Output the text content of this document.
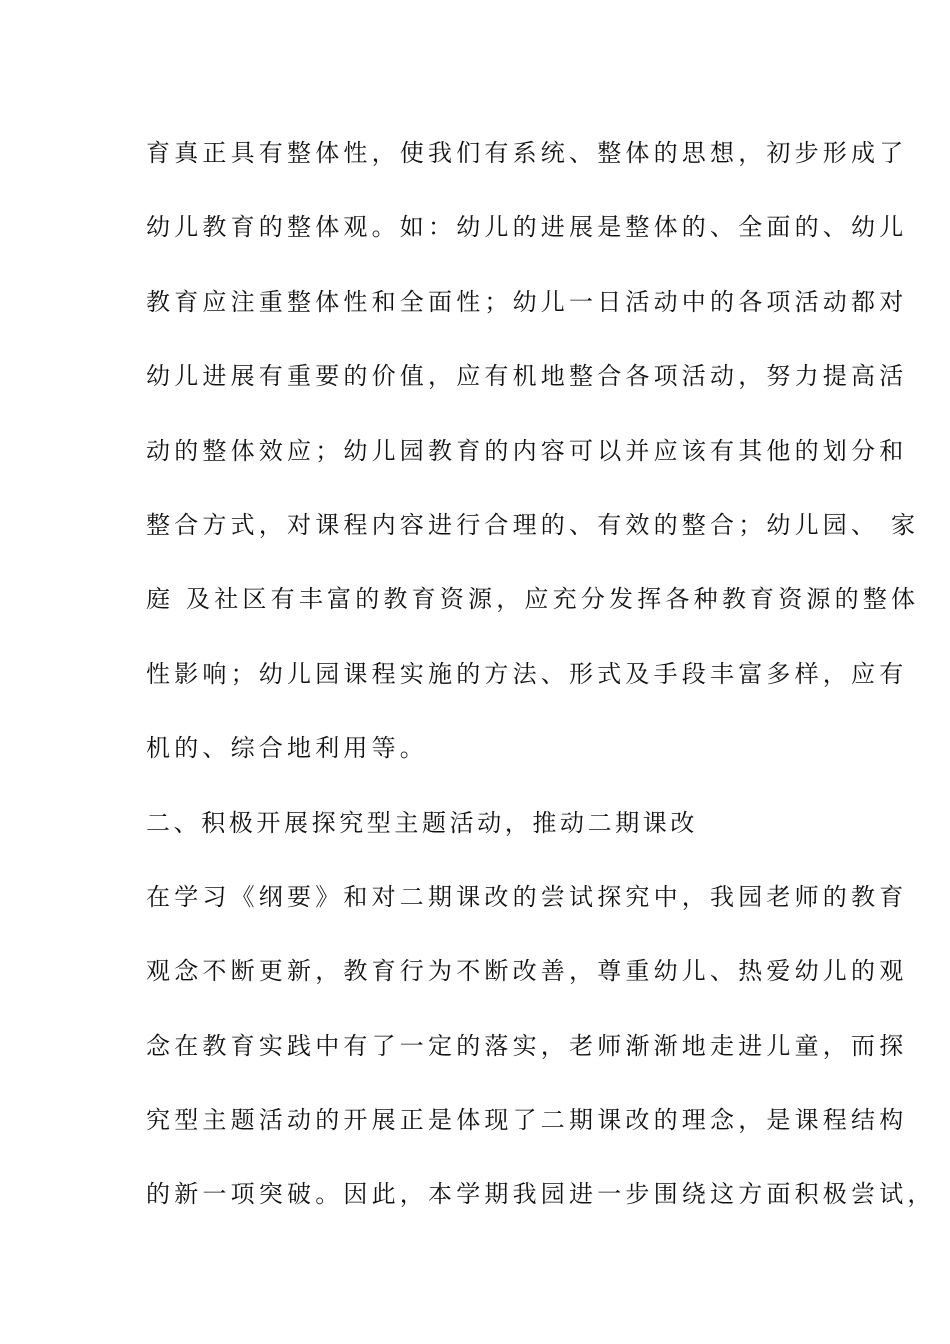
育真正具有整体性，使我们有系统、整体的思想，初步形成了
幼儿教育的整体观。如：幼儿的进展是整体的、全面的、幼儿
教育应注重整体性和全面性；幼儿一日活动中的各项活动都对
幼儿进展有重要的价值，应有机地整合各项活动，努力提高活
动的整体效应；幼儿园教育的内容可以并应该有其他的划分和
整合方式，对课程内容进行合理的、有效的整合；幼儿园、 家
庭 及社区有丰富的教育资源，应充分发挥各种教育资源的整体
性影响；幼儿园课程实施的方法、形式及手段丰富多样，应有
机的、综合地利用等。
二、积极开展探究型主题活动，推动二期课改
在学习《纲要》和对二期课改的尝试探究中，我园老师的教育
观念不断更新，教育行为不断改善，尊重幼儿、热爱幼儿的观
念在教育实践中有了一定的落实，老师渐渐地走进儿童，而探
究型主题活动的开展正是体现了二期课改的理念，是课程结构
的新一项突破。因此，本学期我园进一步围绕这方面积极尝试，
